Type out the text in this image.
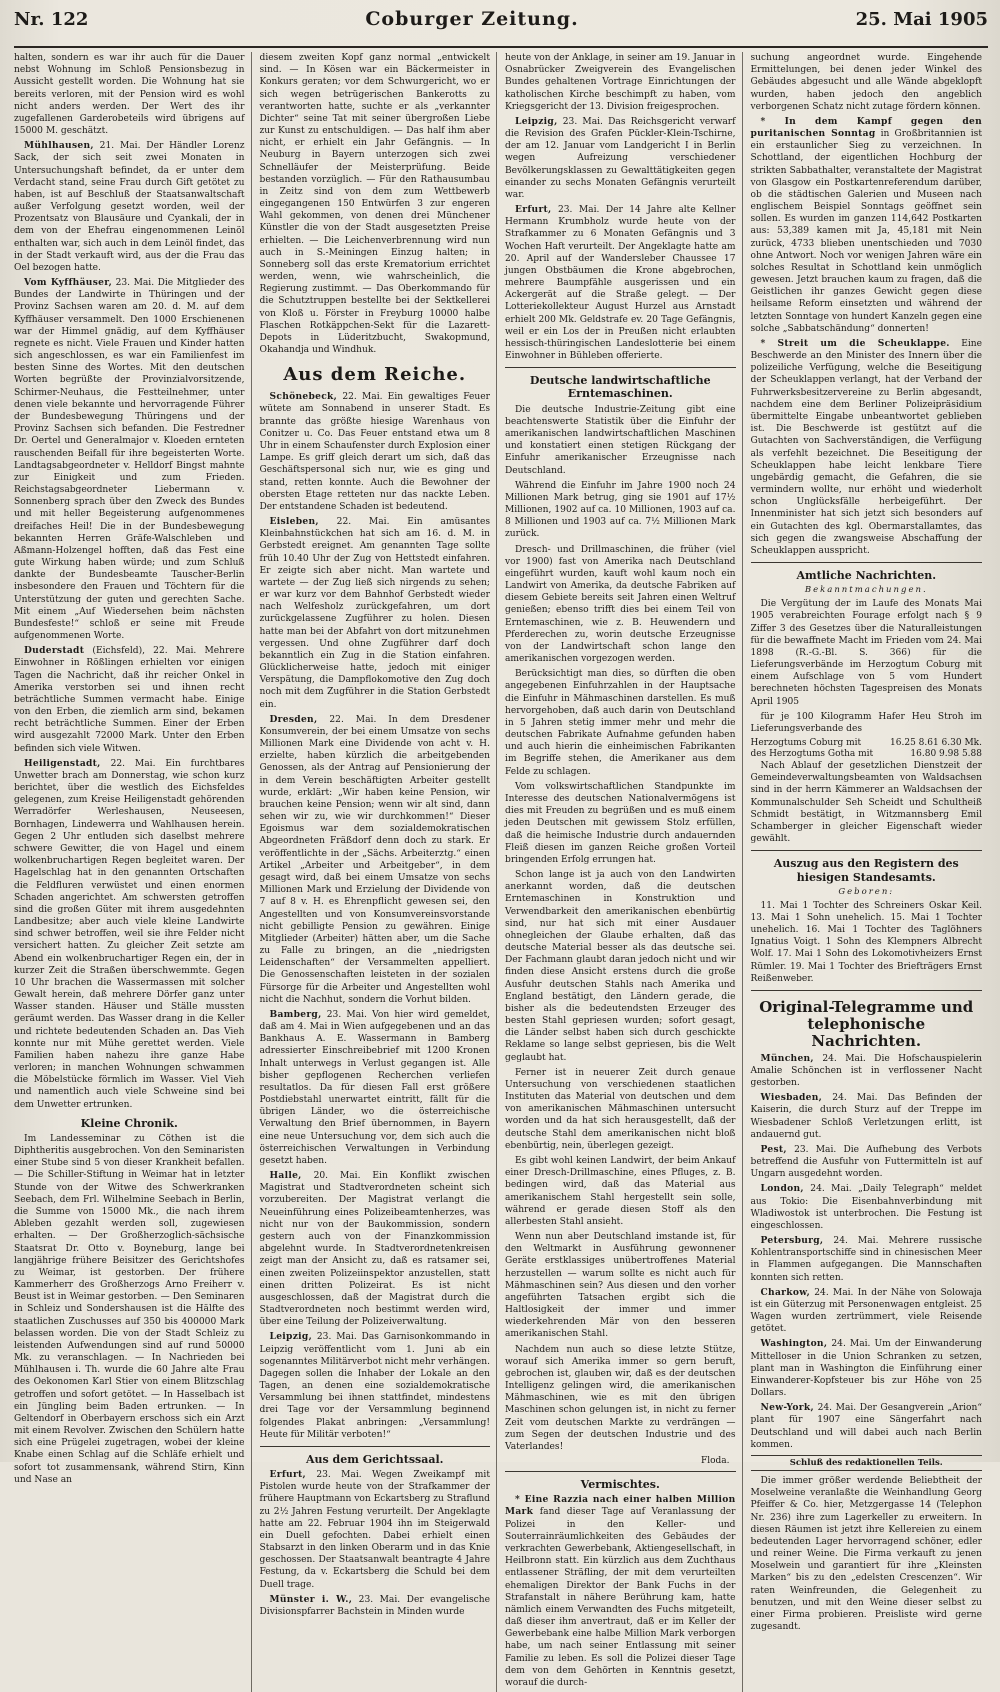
Nr. 122	Coburger Zeitung.	25. Mai 1905

halten, sondern es war ihr auch für die Dauer nebst Wohnung im Schloß Pensionsbezug in Aussicht gestellt worden. Die Wohnung hat sie bereits verloren, mit der Pension wird es wohl nicht anders werden. Der Wert des ihr zugefallenen Garderobeteils wird übrigens auf 15000 M. geschätzt.

Mühlhausen, 21. Mai. Der Händler Lorenz Sack, der sich seit zwei Monaten in Untersuchungshaft befindet, da er unter dem Verdacht stand, seine Frau durch Gift getötet zu haben, ist auf Beschluß der Staatsanwaltschaft außer Verfolgung gesetzt worden, weil der Prozentsatz von Blausäure und Cyankali, der in dem von der Ehefrau eingenommenen Leinöl enthalten war, sich auch in dem Leinöl findet, das in der Stadt verkauft wird, aus der die Frau das Oel bezogen hatte.

Vom Kyffhäuser, 23. Mai. Die Mitglieder des Bundes der Landwirte in Thüringen und der Provinz Sachsen waren am 20. d. M. auf dem Kyffhäuser versammelt. Den 1000 Erschienenen war der Himmel gnädig, auf dem Kyffhäuser regnete es nicht. Viele Frauen und Kinder hatten sich angeschlossen, es war ein Familienfest im besten Sinne des Wortes. Mit den deutschen Worten begrüßte der Provinzialvorsitzende, Schirmer-Neuhaus, die Festteilnehmer, unter denen viele bekannte und hervorragende Führer der Bundesbewegung Thüringens und der Provinz Sachsen sich befanden. Die Festredner Dr. Oertel und Generalmajor v. Kloeden ernteten rauschenden Beifall für ihre begeisterten Worte. Landtagsabgeordneter v. Helldorf Bingst mahnte zur Einigkeit und zum Frieden. Reichstagsabgeordneter Liebermann v. Sonnenberg sprach über den Zweck des Bundes und mit heller Begeisterung aufgenommenes dreifaches Heil! Die in der Bundesbewegung bekannten Herren Gräfe-Walschleben und Aßmann-Holzengel hofften, daß das Fest eine gute Wirkung haben würde; und zum Schluß dankte der Bundesbeamte Tauscher-Berlin insbesondere den Frauen und Töchtern für die Unterstützung der guten und gerechten Sache. Mit einem „Auf Wiedersehen beim nächsten Bundesfeste!“ schloß er seine mit Freude aufgenommenen Worte.

Duderstadt (Eichsfeld), 22. Mai. Mehrere Einwohner in Rößlingen erhielten vor einigen Tagen die Nachricht, daß ihr reicher Onkel in Amerika verstorben sei und ihnen recht beträchtliche Summen vermacht habe. Einige von den Erben, die ziemlich arm sind, bekamen recht beträchtliche Summen. Einer der Erben wird ausgezahlt 72000 Mark. Unter den Erben befinden sich viele Witwen.

Heiligenstadt, 22. Mai. Ein furchtbares Unwetter brach am Donnerstag, wie schon kurz berichtet, über die westlich des Eichsfeldes gelegenen, zum Kreise Heiligenstadt gehörenden Werradörfer Werleshausen, Neuseesen, Bornhagen, Lindewerra und Wahlhausen herein. Gegen 2 Uhr entluden sich daselbst mehrere schwere Gewitter, die von Hagel und einem wolkenbruchartigen Regen begleitet waren. Der Hagelschlag hat in den genannten Ortschaften die Feldfluren verwüstet und einen enormen Schaden angerichtet. Am schwersten getroffen sind die großen Güter mit ihrem ausgedehnten Landbesitze; aber auch viele kleine Landwirte sind schwer betroffen, weil sie ihre Felder nicht versichert hatten. Zu gleicher Zeit setzte am Abend ein wolkenbruchartiger Regen ein, der in kurzer Zeit die Straßen überschwemmte. Gegen 10 Uhr brachen die Wassermassen mit solcher Gewalt herein, daß mehrere Dörfer ganz unter Wasser standen. Häuser und Ställe mussten geräumt werden. Das Wasser drang in die Keller und richtete bedeutenden Schaden an. Das Vieh konnte nur mit Mühe gerettet werden. Viele Familien haben nahezu ihre ganze Habe verloren; in manchen Wohnungen schwammen die Möbelstücke förmlich im Wasser. Viel Vieh und namentlich auch viele Schweine sind bei dem Unwetter ertrunken.

Kleine Chronik.

Im Landesseminar zu Cöthen ist die Diphtheritis ausgebrochen. Von den Seminaristen einer Stube sind 5 von dieser Krankheit befallen. — Die Schiller-Stiftung in Weimar hat in letzter Stunde von der Witwe des Schwerkranken Seebach, dem Frl. Wilhelmine Seebach in Berlin, die Summe von 15000 Mk., die nach ihrem Ableben gezahlt werden soll, zugewiesen erhalten. — Der Großherzoglich-sächsische Staatsrat Dr. Otto v. Boyneburg, lange bei langjährige frühere Beisitzer des Gerichtshofes zu Weimar, ist gestorben. Der frühere Kammerherr des Großherzogs Arno Freiherr v. Beust ist in Weimar gestorben. — Den Seminaren in Schleiz und Sondershausen ist die Hälfte des staatlichen Zuschusses auf 350 bis 400000 Mark belassen worden. Die von der Stadt Schleiz zu leistenden Aufwendungen sind auf rund 50000 Mk. zu veranschlagen. — In Nachrieden bei Mühlhausen i. Th. wurde die 60 Jahre alte Frau des Oekonomen Karl Stier von einem Blitzschlag getroffen und sofort getötet. — In Hasselbach ist ein Jüngling beim Baden ertrunken. — In Geltendorf in Oberbayern erschoss sich ein Arzt mit einem Revolver. Zwischen den Schülern hatte sich eine Prügelei zugetragen, wobei der kleine Knabe einen Schlag auf die Schläfe erhielt und sofort tot zusammensank, während Stirn, Kinn und Nase an

diesem zweiten Kopf ganz normal „entwickelt sind. — In Kösen war ein Bäckermeister in Konkurs geraten; vor dem Schwurgericht, wo er sich wegen betrügerischen Bankerotts zu verantworten hatte, suchte er als „verkannter Dichter“ seine Tat mit seiner übergroßen Liebe zur Kunst zu entschuldigen. — Das half ihm aber nicht, er erhielt ein Jahr Gefängnis. — In Neuburg in Bayern unterzogen sich zwei Schnelläufer der Meisterprüfung. Beide bestanden vorzüglich. — Für den Rathausumbau in Zeitz sind von dem zum Wettbewerb eingegangenen 150 Entwürfen 3 zur engeren Wahl gekommen, von denen drei Münchener Künstler die von der Stadt ausgesetzten Preise erhielten. — Die Leichenverbrennung wird nun auch in S.-Meiningen Einzug halten; in Sonneberg soll das erste Krematorium errichtet werden, wenn, wie wahrscheinlich, die Regierung zustimmt. — Das Oberkommando für die Schutztruppen bestellte bei der Sektkellerei von Kloß u. Förster in Freyburg 10000 halbe Flaschen Rotkäppchen-Sekt für die Lazarett-Depots in Lüderitzbucht, Swakopmund, Okahandja und Windhuk.

Aus dem Reiche.

Schönebeck, 22. Mai. Ein gewaltiges Feuer wütete am Sonnabend in unserer Stadt. Es brannte das größte hiesige Warenhaus von Conitzer u. Co. Das Feuer entstand etwa um 8 Uhr in einem Schaufenster durch Explosion einer Lampe. Es griff gleich derart um sich, daß das Geschäftspersonal sich nur, wie es ging und stand, retten konnte. Auch die Bewohner der obersten Etage retteten nur das nackte Leben. Der entstandene Schaden ist bedeutend.

Eisleben, 22. Mai. Ein amüsantes Kleinbahnstückchen hat sich am 16. d. M. in Gerbstedt ereignet. Am genannten Tage sollte früh 10.40 Uhr der Zug von Hettstedt einfahren. Er zeigte sich aber nicht. Man wartete und wartete — der Zug ließ sich nirgends zu sehen; er war kurz vor dem Bahnhof Gerbstedt wieder nach Welfesholz zurückgefahren, um dort zurückgelassene Zugführer zu holen. Diesen hatte man bei der Abfahrt von dort mitzunehmen vergessen. Und ohne Zugführer darf doch bekanntlich ein Zug in die Station einfahren. Glücklicherweise hatte, jedoch mit einiger Verspätung, die Dampflokomotive den Zug doch noch mit dem Zugführer in die Station Gerbstedt ein.

Dresden, 22. Mai. In dem Dresdener Konsumverein, der bei einem Umsatze von sechs Millionen Mark eine Dividende von acht v. H. erzielte, haben kürzlich die arbeitgebenden Genossen, als der Antrag auf Pensionierung der in dem Verein beschäftigten Arbeiter gestellt wurde, erklärt: „Wir haben keine Pension, wir brauchen keine Pension; wenn wir alt sind, dann sehen wir zu, wie wir durchkommen!“ Dieser Egoismus war dem sozialdemokratischen Abgeordneten Fräßdorf denn doch zu stark. Er veröffentlichte in der „Sächs. Arbeiterztg.“ einen Artikel „Arbeiter und Arbeitgeber“, in dem gesagt wird, daß bei einem Umsatze von sechs Millionen Mark und Erzielung der Dividende von 7 auf 8 v. H. es Ehrenpflicht gewesen sei, den Angestellten und von Konsumvereinsvorstande nicht gebilligte Pension zu gewähren. Einige Mitglieder (Arbeiter) hätten aber, um die Sache zu Falle zu bringen, an die „niedrigsten Leidenschaften“ der Versammelten appelliert. Die Genossenschaften leisteten in der sozialen Fürsorge für die Arbeiter und Angestellten wohl nicht die Nachhut, sondern die Vorhut bilden.

Bamberg, 23. Mai. Von hier wird gemeldet, daß am 4. Mai in Wien aufgegebenen und an das Bankhaus A. E. Wassermann in Bamberg adressierter Einschreibebrief mit 1200 Kronen Inhalt unterwegs in Verlust gegangen ist. Alle bisher gepflogenen Recherchen verliefen resultatlos. Da für diesen Fall erst größere Postdiebstahl unerwartet eintritt, fällt für die übrigen Länder, wo die österreichische Verwaltung den Brief übernommen, in Bayern eine neue Untersuchung vor, dem sich auch die österreichischen Verwaltungen in Verbindung gesetzt haben.

Halle, 20. Mai. Ein Konflikt zwischen Magistrat und Stadtverordneten scheint sich vorzubereiten. Der Magistrat verlangt die Neueinführung eines Polizeibeamtenherzes, was nicht nur von der Baukommission, sondern gestern auch von der Finanzkommission abgelehnt wurde. In Stadtverordnetenkreisen zeigt man der Ansicht zu, daß es ratsamer sei, einen zweiten Polizeiinspektor anzustellen, statt einen dritten Polizeirat. Es ist nicht ausgeschlossen, daß der Magistrat durch die Stadtverordneten noch bestimmt werden wird, über eine Teilung der Polizeiverwaltung.

Leipzig, 23. Mai. Das Garnisonkommando in Leipzig veröffentlicht vom 1. Juni ab ein sogenanntes Militärverbot nicht mehr verhängen. Dagegen sollen die Inhaber der Lokale an den Tagen, an denen eine sozialdemokratische Versammlung bei ihnen stattfindet, mindestens drei Tage vor der Versammlung beginnend folgendes Plakat anbringen: „Versammlung! Heute für Militär verboten!“

Aus dem Gerichtssaal.

Erfurt, 23. Mai. Wegen Zweikampf mit Pistolen wurde heute von der Strafkammer der frühere Hauptmann von Eckartsberg zu Straflund zu 2½ Jahren Festung verurteilt. Der Angeklagte hatte am 22. Februar 1904 ihn im Steigerwald ein Duell gefochten. Dabei erhielt einen Stabsarzt in den linken Oberarm und in das Knie geschossen. Der Staatsanwalt beantragte 4 Jahre Festung, da v. Eckartsberg die Schuld bei dem Duell trage.

Münster i. W., 23. Mai. Der evangelische Divisionspfarrer Bachstein in Minden wurde

heute von der Anklage, in seiner am 19. Januar in Osnabrücker Zweigverein des Evangelischen Bundes gehaltenen Vortrage Einrichtungen der katholischen Kirche beschimpft zu haben, vom Kriegsgericht der 13. Division freigesprochen.

Leipzig, 23. Mai. Das Reichsgericht verwarf die Revision des Grafen Pückler-Klein-Tschirne, der am 12. Januar vom Landgericht I in Berlin wegen Aufreizung verschiedener Bevölkerungsklassen zu Gewalttätigkeiten gegen einander zu sechs Monaten Gefängnis verurteilt war.

Erfurt, 23. Mai. Der 14 Jahre alte Kellner Hermann Krumbholz wurde heute von der Strafkammer zu 6 Monaten Gefängnis und 3 Wochen Haft verurteilt. Der Angeklagte hatte am 20. April auf der Wandersleber Chaussee 17 jungen Obstbäumen die Krone abgebrochen, mehrere Baumpfähle ausgerissen und ein Ackergerät auf die Straße gelegt. — Der Lotteriekollekteur August Hurzel aus Arnstadt erhielt 200 Mk. Geldstrafe ev. 20 Tage Gefängnis, weil er ein Los der in Preußen nicht erlaubten hessisch-thüringischen Landeslotterie bei einem Einwohner in Bühleben offerierte.

Deutsche landwirtschaftliche Erntemaschinen.

Die deutsche Industrie-Zeitung gibt eine beachtenswerte Statistik über die Einfuhr der amerikanischen landwirtschaftlichen Maschinen und konstatiert einen stetigen Rückgang der Einfuhr amerikanischer Erzeugnisse nach Deutschland.

Während die Einfuhr im Jahre 1900 noch 24 Millionen Mark betrug, ging sie 1901 auf 17½ Millionen, 1902 auf ca. 10 Millionen, 1903 auf ca. 8 Millionen und 1903 auf ca. 7½ Millionen Mark zurück.

Dresch- und Drillmaschinen, die früher (viel vor 1900) fast von Amerika nach Deutschland eingeführt wurden, kauft wohl kaum noch ein Landwirt von Amerika, da deutsche Fabriken auf diesem Gebiete bereits seit Jahren einen Weltruf genießen; ebenso trifft dies bei einem Teil von Erntemaschinen, wie z. B. Heuwendern und Pferderechen zu, worin deutsche Erzeugnisse von der Landwirtschaft schon lange den amerikanischen vorgezogen werden.

Berücksichtigt man dies, so dürften die oben angegebenen Einfuhrzahlen in der Hauptsache die Einfuhr in Mähmaschinen darstellen. Es muß hervorgehoben, daß auch darin von Deutschland in 5 Jahren stetig immer mehr und mehr die deutschen Fabrikate Aufnahme gefunden haben und auch hierin die einheimischen Fabrikanten im Begriffe stehen, die Amerikaner aus dem Felde zu schlagen.

Vom volkswirtschaftlichen Standpunkte im Interesse des deutschen Nationalvermögens ist dies mit Freuden zu begrüßen und es muß einem jeden Deutschen mit gewissem Stolz erfüllen, daß die heimische Industrie durch andauernden Fleiß diesen im ganzen Reiche großen Vorteil bringenden Erfolg errungen hat.

Schon lange ist ja auch von den Landwirten anerkannt worden, daß die deutschen Erntemaschinen in Konstruktion und Verwendbarkeit den amerikanischen ebenbürtig sind, nur hat sich mit einer Ausdauer ohnegleichen der Glaube erhalten, daß das deutsche Material besser als das deutsche sei. Der Fachmann glaubt daran jedoch nicht und wir finden diese Ansicht erstens durch die große Ausfuhr deutschen Stahls nach Amerika und England bestätigt, den Ländern gerade, die bisher als die bedeutendsten Erzeuger des besten Stahl gepriesen wurden; sofort gesagt, die Länder selbst haben sich durch geschickte Reklame so lange selbst gepriesen, bis die Welt geglaubt hat.

Ferner ist in neuerer Zeit durch genaue Untersuchung von verschiedenen staatlichen Instituten das Material von deutschen und dem von amerikanischen Mähmaschinen untersucht worden und da hat sich herausgestellt, daß der deutsche Stahl dem amerikanischen nicht bloß ebenbürtig, nein, überlegen gezeigt.

Es gibt wohl keinen Landwirt, der beim Ankauf einer Dresch-Drillmaschine, eines Pfluges, z. B. bedingen wird, daß das Material aus amerikanischem Stahl hergestellt sein solle, während er gerade diesen Stoff als den allerbesten Stahl ansieht.

Wenn nun aber Deutschland imstande ist, für den Weltmarkt in Ausführung gewonnener Geräte erstklassiges unübertroffenes Material herzustellen — warum sollte es nicht auch für Mähmaschinen sein? Aus diesen und den vorher angeführten Tatsachen ergibt sich die Haltlosigkeit der immer und immer wiederkehrenden Mär von den besseren amerikanischen Stahl.

Nachdem nun auch so diese letzte Stütze, worauf sich Amerika immer so gern beruft, gebrochen ist, glauben wir, daß es der deutschen Intelligenz gelingen wird, die amerikanischen Mähmaschinen, wie es mit den übrigen Maschinen schon gelungen ist, in nicht zu ferner Zeit vom deutschen Markte zu verdrängen — zum Segen der deutschen Industrie und des Vaterlandes!

Floda.
Vermischtes.

* Eine Razzia nach einer halben Million Mark fand dieser Tage auf Veranlassung der Polizei in den Keller- und Souterrainräumlichkeiten des Gebäudes der verkrachten Gewerbebank, Aktiengesellschaft, in Heilbronn statt. Ein kürzlich aus dem Zuchthaus entlassener Sträfling, der mit dem verurteilten ehemaligen Direktor der Bank Fuchs in der Strafanstalt in nähere Berührung kam, hatte nämlich einem Verwandten des Fuchs mitgeteilt, daß dieser ihm anvertraut, daß er im Keller der Gewerbebank eine halbe Million Mark verborgen habe, um nach seiner Entlassung mit seiner Familie zu leben. Es soll die Polizei dieser Tage dem von dem Gehörten in Kenntnis gesetzt, worauf die durch-

suchung angeordnet wurde. Eingehende Ermittelungen, bei denen jeder Winkel des Gebäudes abgesucht und alle Wände abgeklopft wurden, haben jedoch den angeblich verborgenen Schatz nicht zutage fördern können.

* In dem Kampf gegen den puritanischen Sonntag in Großbritannien ist ein erstaunlicher Sieg zu verzeichnen. In Schottland, der eigentlichen Hochburg der strikten Sabbathalter, veranstaltete der Magistrat von Glasgow ein Postkartenreferendum darüber, ob die städtischen Galerien und Museen nach englischem Beispiel Sonntags geöffnet sein sollen. Es wurden im ganzen 114,642 Postkarten aus: 53,389 kamen mit Ja, 45,181 mit Nein zurück, 4733 blieben unentschieden und 7030 ohne Antwort. Noch vor wenigen Jahren wäre ein solches Resultat in Schottland kein unmöglich gewesen. Jetzt brauchen kaum zu fragen, daß die Geistlichen ihr ganzes Gewicht gegen diese heilsame Reform einsetzten und während der letzten Sonntage von hundert Kanzeln gegen eine solche „Sabbatschändung“ donnerten!

* Streit um die Scheuklappe. Eine Beschwerde an den Minister des Innern über die polizeiliche Verfügung, welche die Beseitigung der Scheuklappen verlangt, hat der Verband der Fuhrwerksbesitzervereine zu Berlin abgesandt, nachdem eine dem Berliner Polizeipräsidium übermittelte Eingabe unbeantwortet geblieben ist. Die Beschwerde ist gestützt auf die Gutachten von Sachverständigen, die Verfügung als verfehlt bezeichnet. Die Beseitigung der Scheuklappen habe leicht lenkbare Tiere ungebärdig gemacht, die Gefahren, die sie vermindern wollte, nur erhöht und wiederholt schon Unglücksfälle herbeigeführt. Der Innenminister hat sich jetzt sich besonders auf ein Gutachten des kgl. Obermarstallamtes, das sich gegen die zwangsweise Abschaffung der Scheuklappen ausspricht.

Amtliche Nachrichten.
Bekanntmachungen.

Die Vergütung der im Laufe des Monats Mai 1905 verabreichten Fourage erfolgt nach § 9 Ziffer 3 des Gesetzes über die Naturalleistungen für die bewaffnete Macht im Frieden vom 24. Mai 1898 (R.-G.-Bl. S. 366) für die Lieferungsverbände im Herzogtum Coburg mit einem Aufschlage von 5 vom Hundert berechneten höchsten Tagespreisen des Monats April 1905

für je 100 Kilogramm Hafer Heu Stroh im Lieferungsverbande des

Herzogtums Coburg mit	16.25 8.61 6.30 Mk.
des Herzogtums Gotha mit	16.80 9.98 5.88

Nach Ablauf der gesetzlichen Dienstzeit der Gemeindeverwaltungsbeamten von Waldsachsen sind in der herrn Kämmerer an Waldsachsen der Kommunalschulder Seh Scheidt und Schultheiß Schmidt bestätigt, in Witzmannsberg Emil Schamberger in gleicher Eigenschaft wieder gewählt.

Auszug aus den Registern des hiesigen Standesamts.
Geboren:

11. Mai 1 Tochter des Schreiners Oskar Keil. 13. Mai 1 Sohn unehelich. 15. Mai 1 Tochter unehelich. 16. Mai 1 Tochter des Taglöhners Ignatius Voigt. 1 Sohn des Klempners Albrecht Wolf. 17. Mai 1 Sohn des Lokomotivheizers Ernst Rümler. 19. Mai 1 Tochter des Briefträgers Ernst Reißenweber.

Original-Telegramme und telephonische Nachrichten.

München, 24. Mai. Die Hofschauspielerin Amalie Schönchen ist in verflossener Nacht gestorben.

Wiesbaden, 24. Mai. Das Befinden der Kaiserin, die durch Sturz auf der Treppe im Wiesbadener Schloß Verletzungen erlitt, ist andauernd gut.

Pest, 23. Mai. Die Aufhebung des Verbots betreffend die Ausfuhr von Futtermitteln ist auf Ungarn ausgedehnt worden.

London, 24. Mai. „Daily Telegraph“ meldet aus Tokio: Die Eisenbahnverbindung mit Wladiwostok ist unterbrochen. Die Festung ist eingeschlossen.

Petersburg, 24. Mai. Mehrere russische Kohlentransportschiffe sind in chinesischen Meer in Flammen aufgegangen. Die Mannschaften konnten sich retten.

Charkow, 24. Mai. In der Nähe von Solowaja ist ein Güterzug mit Personenwagen entgleist. 25 Wagen wurden zertrümmert, viele Reisende getötet.

Washington, 24. Mai. Um der Einwanderung Mittelloser in die Union Schranken zu setzen, plant man in Washington die Einführung einer Einwanderer-Kopfsteuer bis zur Höhe von 25 Dollars.

New-York, 24. Mai. Der Gesangverein „Arion“ plant für 1907 eine Sängerfahrt nach Deutschland und will dabei auch nach Berlin kommen.

Schluß des redaktionellen Teils.

Die immer größer werdende Beliebtheit der Moselweine veranlaßte die Weinhandlung Georg Pfeiffer & Co. hier, Metzgergasse 14 (Telephon Nr. 236) ihre zum Lagerkeller zu erweitern. In diesen Räumen ist jetzt ihre Kellereien zu einem bedeutenden Lager hervorragend schöner, edler und reiner Weine. Die Firma verkauft zu jenen Moselwein und garantiert für ihre „Kleinsten Marken“ bis zu den „edelsten Crescenzen“. Wir raten Weinfreunden, die Gelegenheit zu benutzen, und mit den Weine dieser selbst zu einer Firma probieren. Preisliste wird gerne zugesandt.
